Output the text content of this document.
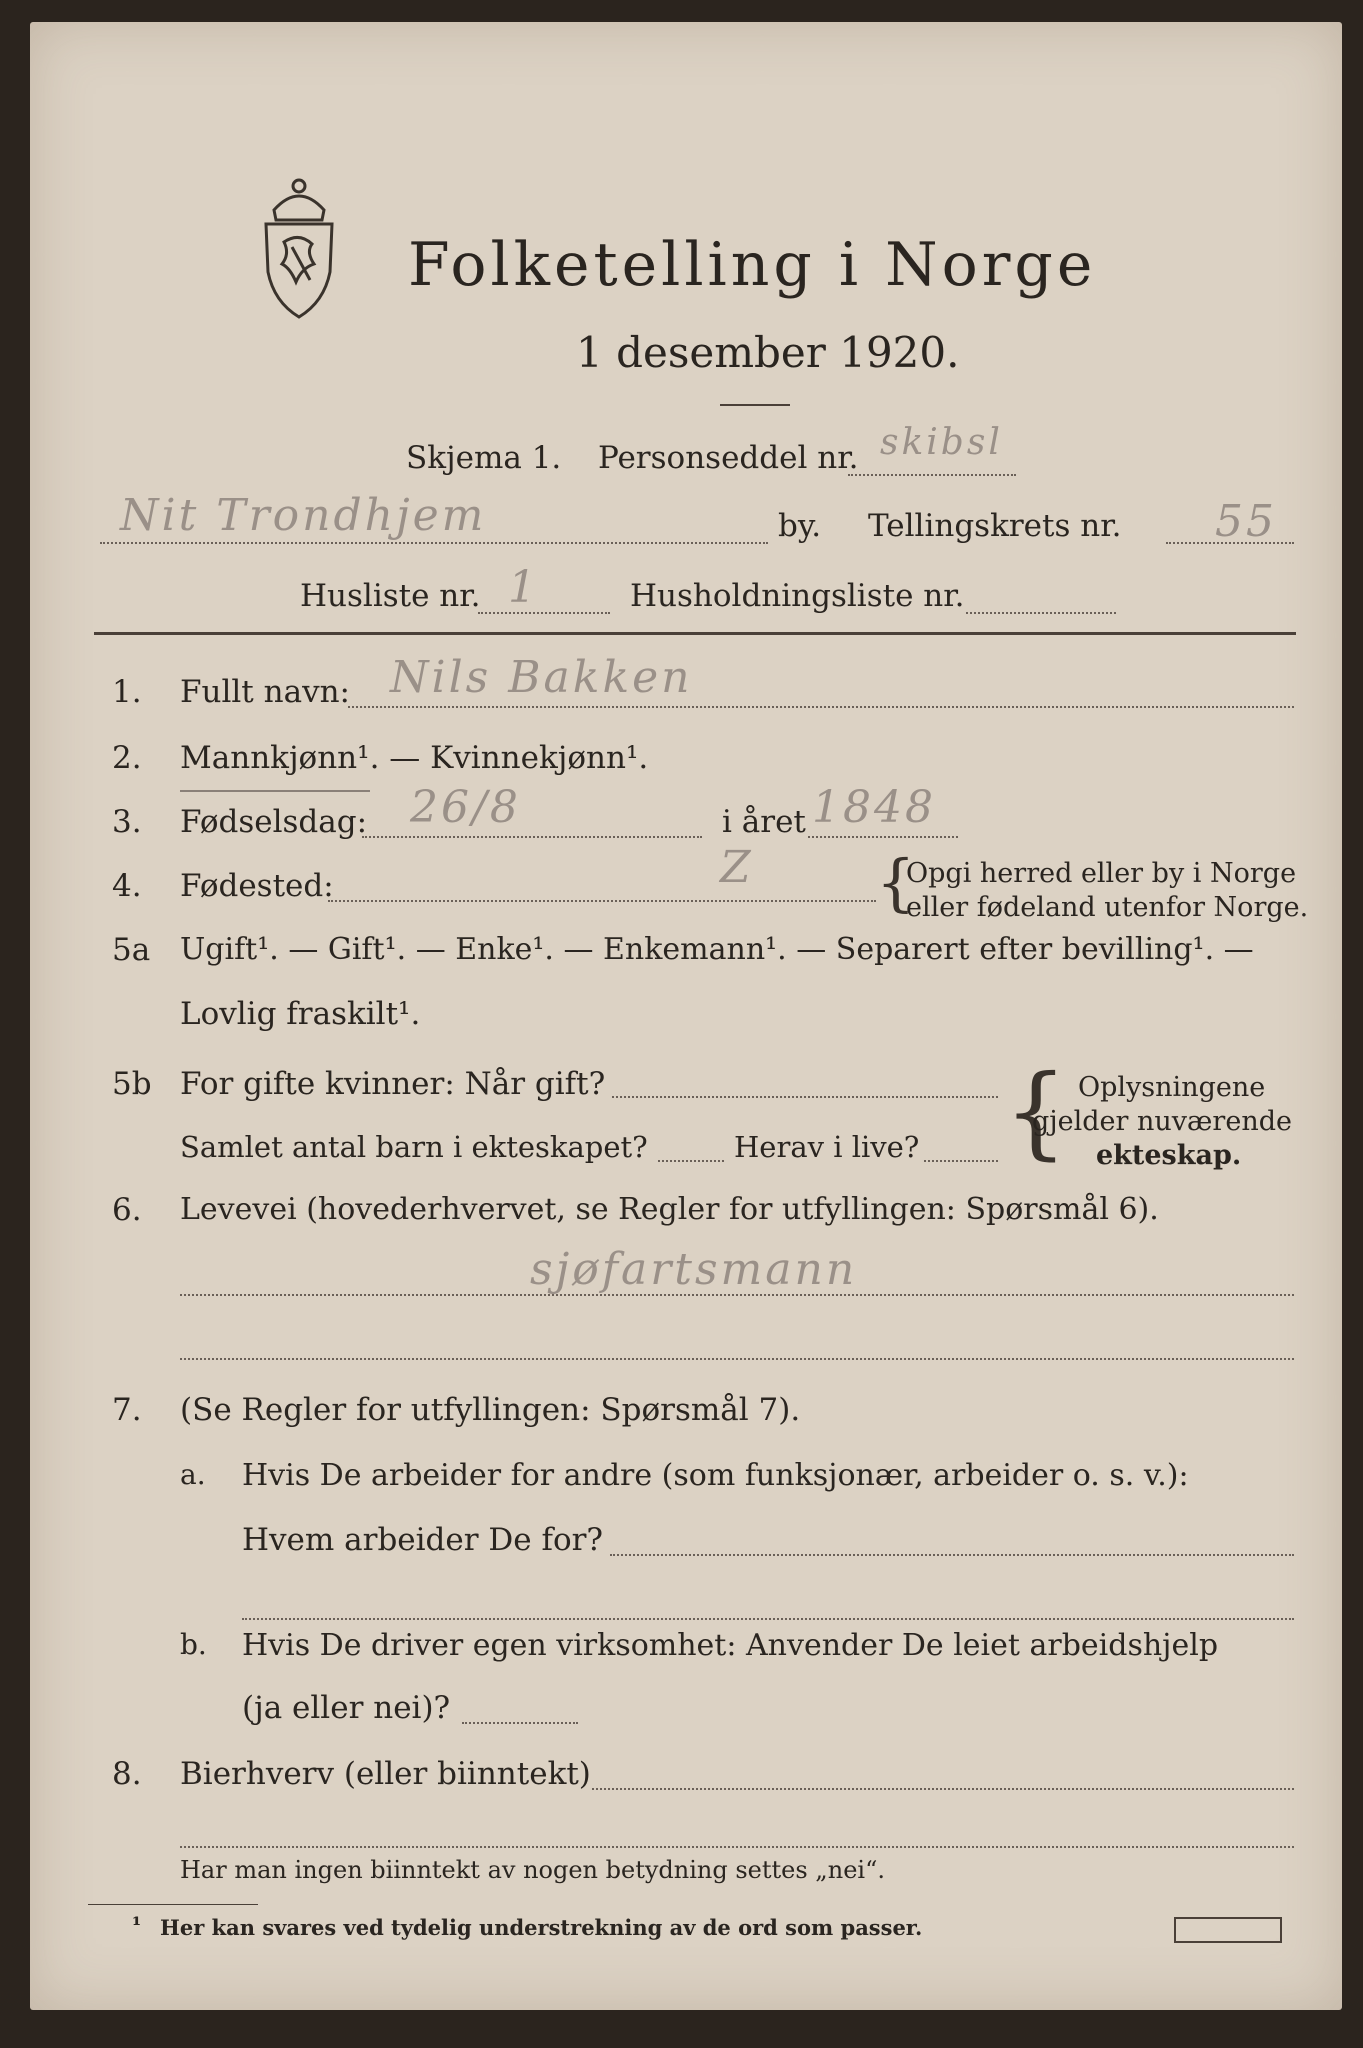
Folketelling i Norge
1 desember 1920.
Skjema 1. Personseddel nr. skibsl
Nit Trondhjem	by. Tellingskrets nr. 55
Husliste nr. 1	Husholdningsliste nr.
1. Fullt navn: Nils Bakken
2. Mannkjønn¹. — Kvinnekjønn¹.
3. Fødselsdag: 26/8	i året 1848
4. Fødested:	Z {
Opgi herred eller by i Norge
eller fødeland utenfor Norge.
5a Ugift¹. — Gift¹. — Enke¹. — Enkemann¹. — Separert efter bevilling¹. —
Lovlig fraskilt¹.
5b For gifte kvinner: Når gift?
Samlet antal barn i ekteskapet?	Herav i live? { Oplysningene
gjelder nuværende
ekteskap.
6. Levevei (hovederhvervet, se Regler for utfyllingen: Spørsmål 6).
sjøfartsmann
7. (Se Regler for utfyllingen: Spørsmål 7).
a. Hvis De arbeider for andre (som funksjonær, arbeider o. s. v.):
Hvem arbeider De for?
b. Hvis De driver egen virksomhet: Anvender De leiet arbeidshjelp
(ja eller nei)?
8. Bierhverv (eller biinntekt)
Har man ingen biinntekt av nogen betydning settes „nei“.
¹ Her kan svares ved tydelig understrekning av de ord som passer.
